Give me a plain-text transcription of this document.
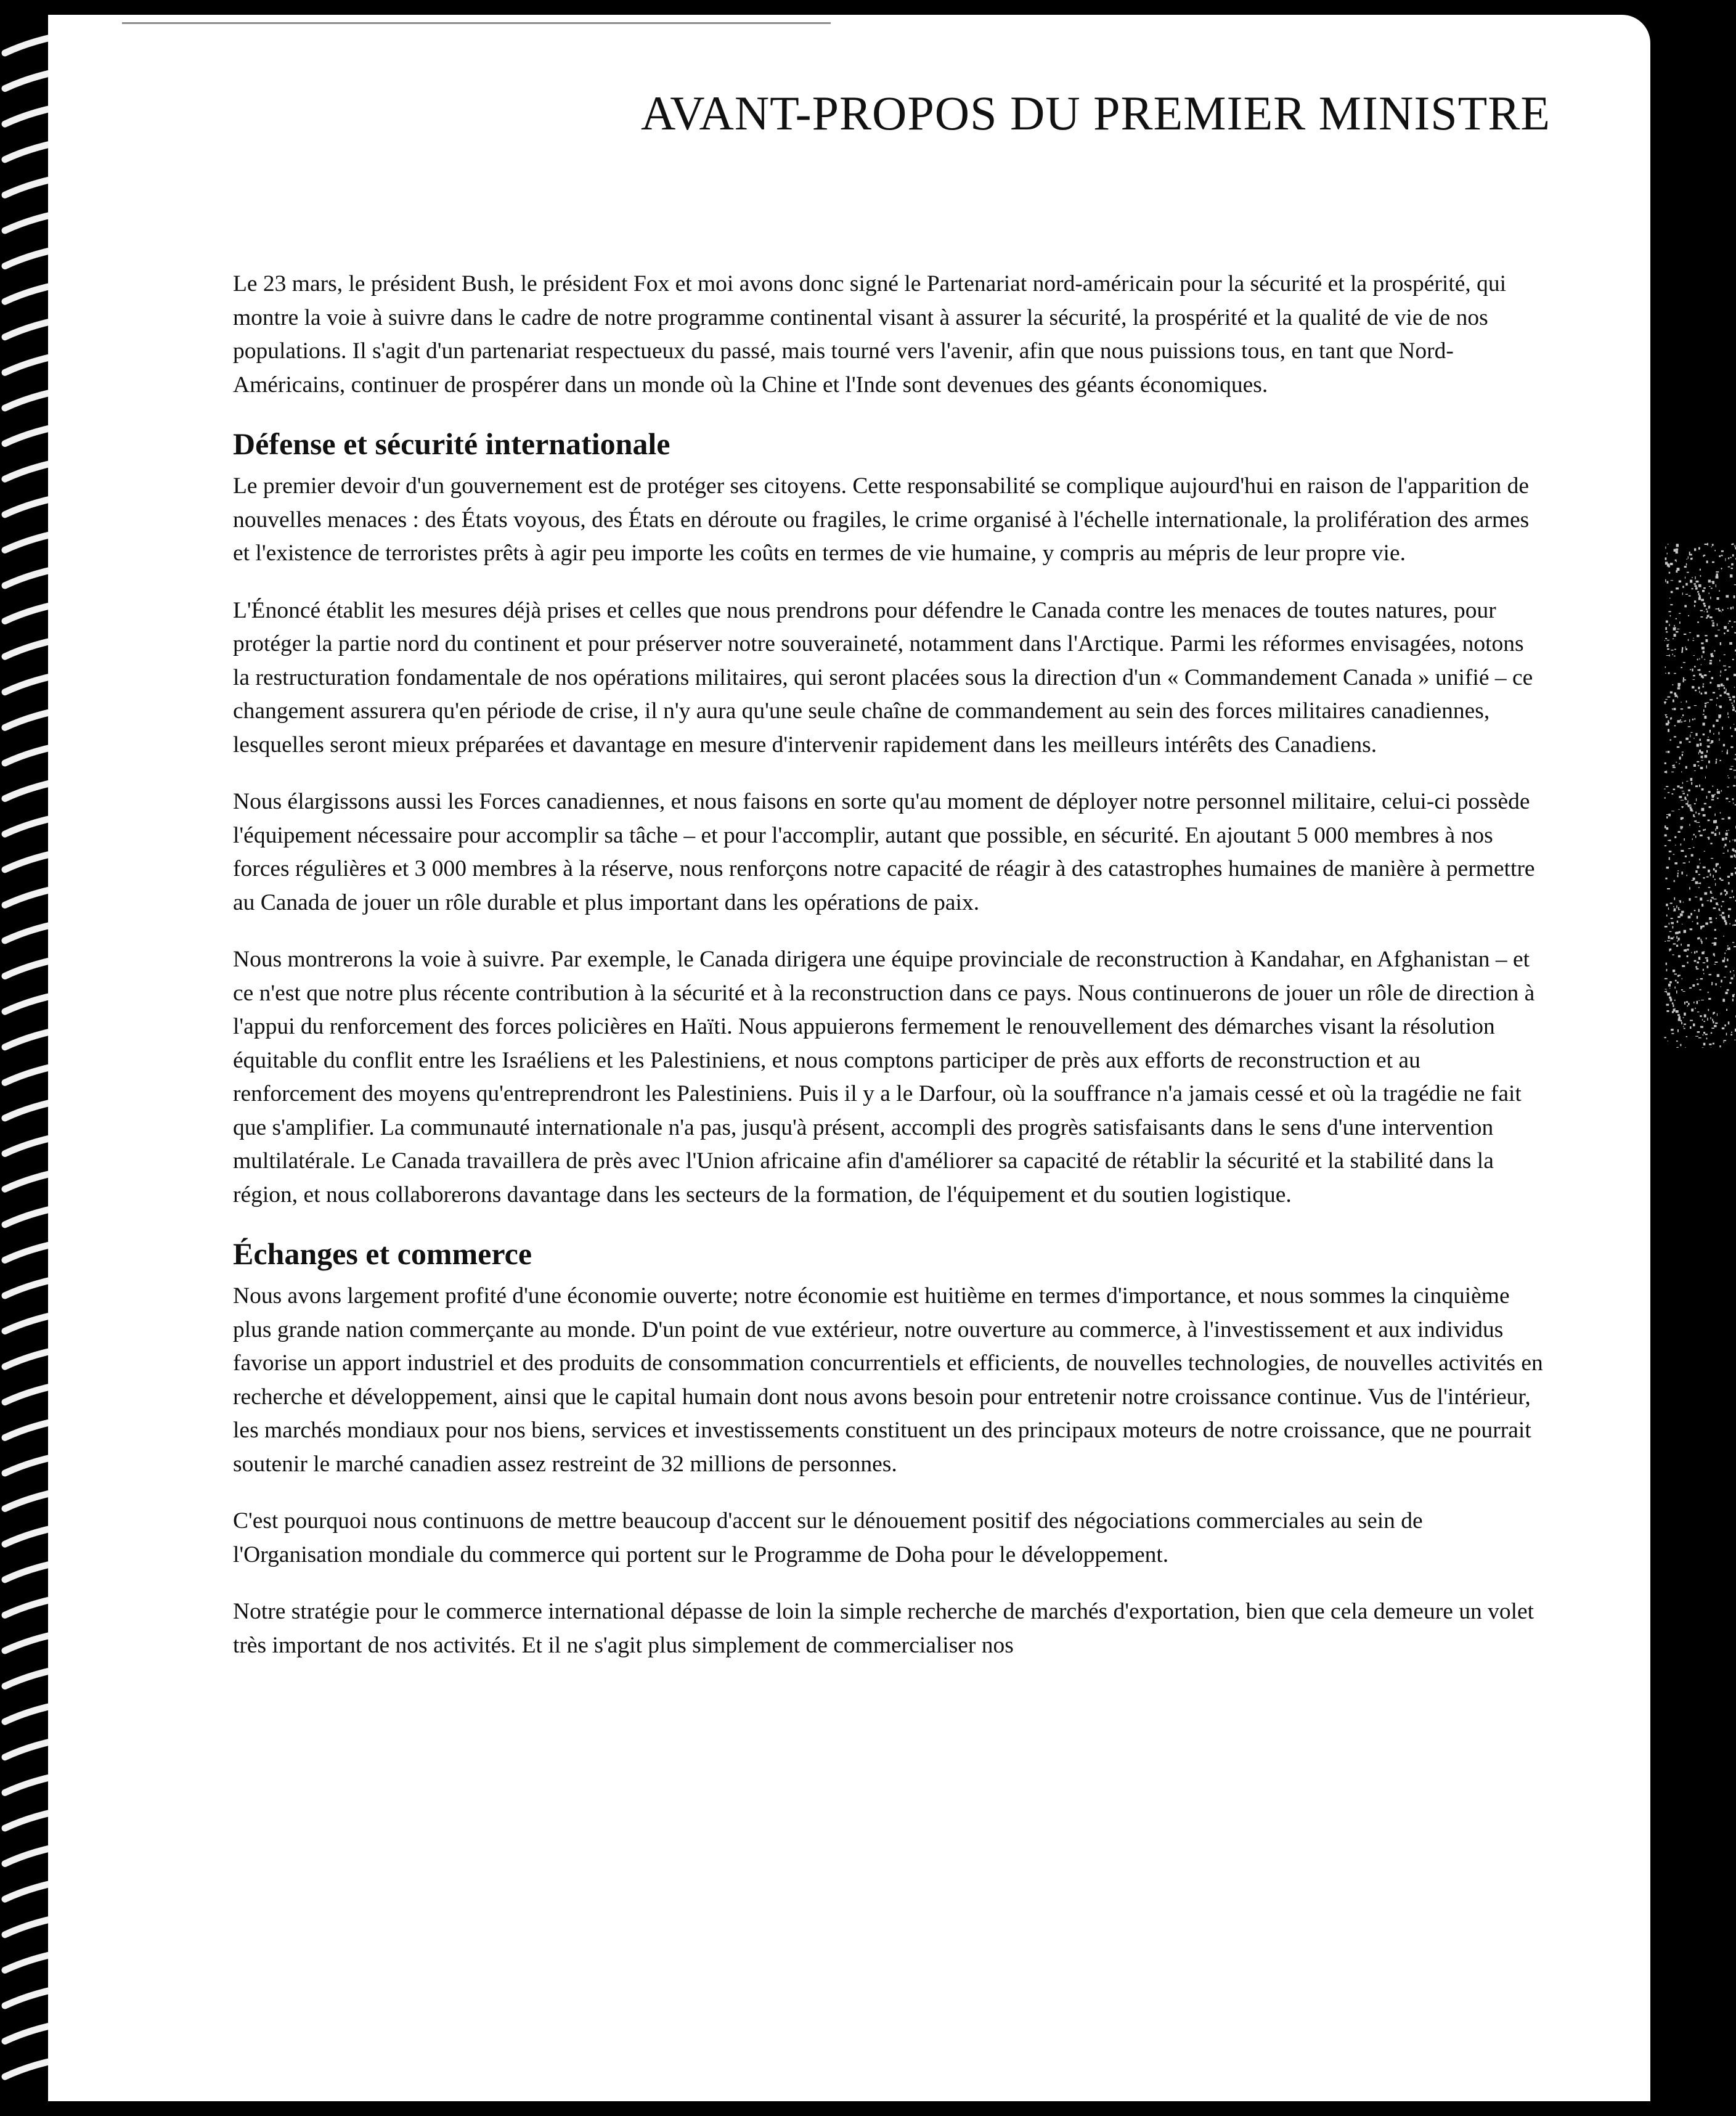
AVANT-PROPOS DU PREMIER MINISTRE

Le 23 mars, le président Bush, le président Fox et moi avons donc signé le Partenariat nord-américain pour la sécurité et la prospérité, qui montre la voie à suivre dans le cadre de notre programme continental visant à assurer la sécurité, la prospérité et la qualité de vie de nos populations. Il s'agit d'un partenariat respectueux du passé, mais tourné vers l'avenir, afin que nous puissions tous, en tant que Nord-Américains, continuer de prospérer dans un monde où la Chine et l'Inde sont devenues des géants économiques.

Défense et sécurité internationale

Le premier devoir d'un gouvernement est de protéger ses citoyens. Cette responsabilité se complique aujourd'hui en raison de l'apparition de nouvelles menaces : des États voyous, des États en déroute ou fragiles, le crime organisé à l'échelle internationale, la prolifération des armes et l'existence de terroristes prêts à agir peu importe les coûts en termes de vie humaine, y compris au mépris de leur propre vie.

L'Énoncé établit les mesures déjà prises et celles que nous prendrons pour défendre le Canada contre les menaces de toutes natures, pour protéger la partie nord du continent et pour préserver notre souveraineté, notamment dans l'Arctique. Parmi les réformes envisagées, notons la restructuration fondamentale de nos opérations militaires, qui seront placées sous la direction d'un « Commandement Canada » unifié – ce changement assurera qu'en période de crise, il n'y aura qu'une seule chaîne de commandement au sein des forces militaires canadiennes, lesquelles seront mieux préparées et davantage en mesure d'intervenir rapidement dans les meilleurs intérêts des Canadiens.

Nous élargissons aussi les Forces canadiennes, et nous faisons en sorte qu'au moment de déployer notre personnel militaire, celui-ci possède l'équipement nécessaire pour accomplir sa tâche – et pour l'accomplir, autant que possible, en sécurité. En ajoutant 5 000 membres à nos forces régulières et 3 000 membres à la réserve, nous renforçons notre capacité de réagir à des catastrophes humaines de manière à permettre au Canada de jouer un rôle durable et plus important dans les opérations de paix.

Nous montrerons la voie à suivre. Par exemple, le Canada dirigera une équipe provinciale de reconstruction à Kandahar, en Afghanistan – et ce n'est que notre plus récente contribution à la sécurité et à la reconstruction dans ce pays. Nous continuerons de jouer un rôle de direction à l'appui du renforcement des forces policières en Haïti. Nous appuierons fermement le renouvellement des démarches visant la résolution équitable du conflit entre les Israéliens et les Palestiniens, et nous comptons participer de près aux efforts de reconstruction et au renforcement des moyens qu'entreprendront les Palestiniens. Puis il y a le Darfour, où la souffrance n'a jamais cessé et où la tragédie ne fait que s'amplifier. La communauté internationale n'a pas, jusqu'à présent, accompli des progrès satisfaisants dans le sens d'une intervention multilatérale. Le Canada travaillera de près avec l'Union africaine afin d'améliorer sa capacité de rétablir la sécurité et la stabilité dans la région, et nous collaborerons davantage dans les secteurs de la formation, de l'équipement et du soutien logistique.

Échanges et commerce

Nous avons largement profité d'une économie ouverte; notre économie est huitième en termes d'importance, et nous sommes la cinquième plus grande nation commerçante au monde. D'un point de vue extérieur, notre ouverture au commerce, à l'investissement et aux individus favorise un apport industriel et des produits de consommation concurrentiels et efficients, de nouvelles technologies, de nouvelles activités en recherche et développement, ainsi que le capital humain dont nous avons besoin pour entretenir notre croissance continue. Vus de l'intérieur, les marchés mondiaux pour nos biens, services et investissements constituent un des principaux moteurs de notre croissance, que ne pourrait soutenir le marché canadien assez restreint de 32 millions de personnes.

C'est pourquoi nous continuons de mettre beaucoup d'accent sur le dénouement positif des négociations commerciales au sein de l'Organisation mondiale du commerce qui portent sur le Programme de Doha pour le développement.

Notre stratégie pour le commerce international dépasse de loin la simple recherche de marchés d'exportation, bien que cela demeure un volet très important de nos activités. Et il ne s'agit plus simplement de commercialiser nos
